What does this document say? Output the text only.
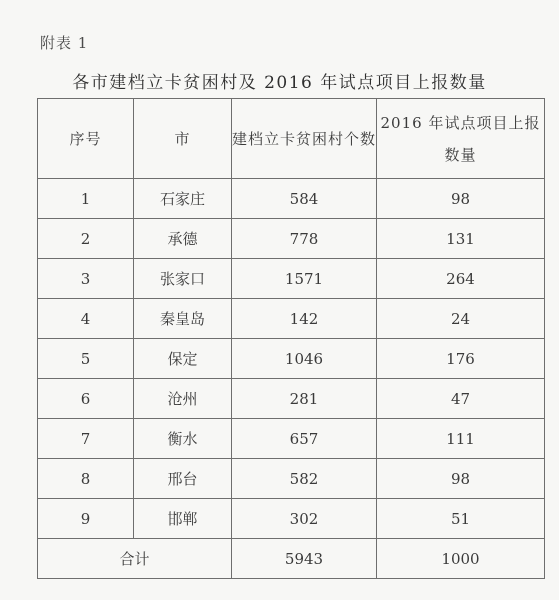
附表 1
各市建档立卡贫困村及 2016 年试点项目上报数量
序号	市	建档立卡贫困村个数	2016 年试点项目上报数量
1	石家庄	584	98
2	承德	778	131
3	张家口	1571	264
4	秦皇岛	142	24
5	保定	1046	176
6	沧州	281	47
7	衡水	657	111
8	邢台	582	98
9	邯郸	302	51
合计		5943	1000
